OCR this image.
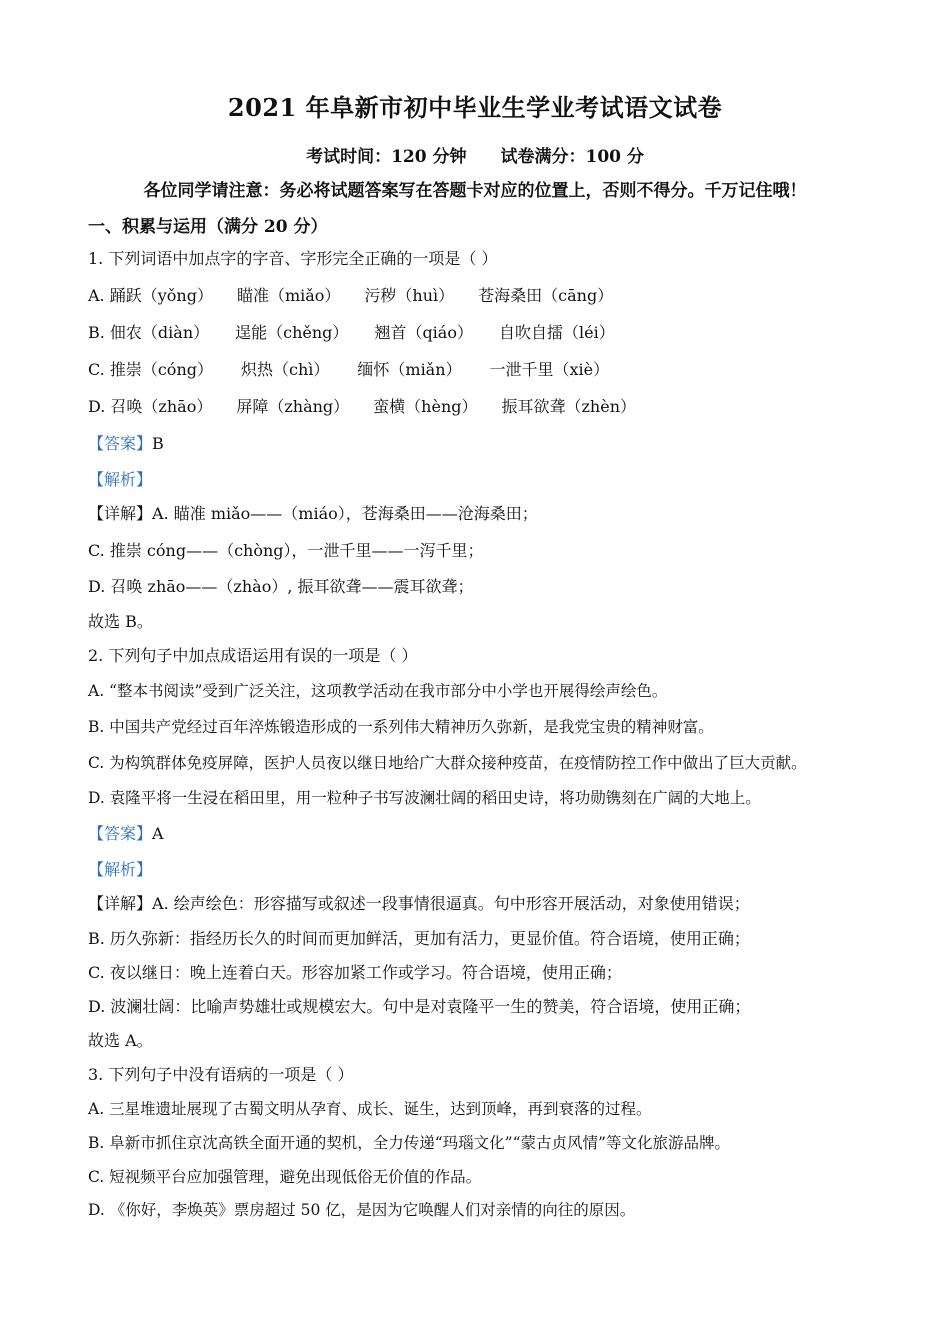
2021 年阜新市初中毕业生学业考试语文试卷
考试时间：120 分钟 试卷满分：100 分
各位同学请注意：务必将试题答案写在答题卡对应的位置上，否则不得分。千万记住哦！
一、积累与运用（满分 20 分）
1. 下列词语中加点字的字音、字形完全正确的一项是（ ）
A. 踊跃（yǒng） 瞄准（miǎo） 污秽（huì） 苍海桑田（cāng）
B. 佃农（diàn） 逞能（chěng） 翘首（qiáo） 自吹自擂（léi）
C. 推崇（cóng） 炽热（chì） 缅怀（miǎn） 一泄千里（xiè）
D. 召唤（zhāo） 屏障（zhàng） 蛮横（hèng） 振耳欲聋（zhèn）
【答案】B
【解析】
【详解】A. 瞄准 miǎo——（miáo），苍海桑田——沧海桑田；
C. 推崇 cóng——（chòng），一泄千里——一泻千里；
D. 召唤 zhāo——（zhào）, 振耳欲聋——震耳欲聋；
故选 B。
2. 下列句子中加点成语运用有误的一项是（ ）
A. “整本书阅读”受到广泛关注，这项教学活动在我市部分中小学也开展得绘声绘色。
B. 中国共产党经过百年淬炼锻造形成的一系列伟大精神历久弥新，是我党宝贵的精神财富。
C. 为构筑群体免疫屏障，医护人员夜以继日地给广大群众接种疫苗，在疫情防控工作中做出了巨大贡献。
D. 袁隆平将一生浸在稻田里，用一粒种子书写波澜壮阔的稻田史诗，将功勋镌刻在广阔的大地上。
【答案】A
【解析】
【详解】A. 绘声绘色：形容描写或叙述一段事情很逼真。句中形容开展活动，对象使用错误；
B. 历久弥新：指经历长久的时间而更加鲜活，更加有活力，更显价值。符合语境，使用正确；
C. 夜以继日：晚上连着白天。形容加紧工作或学习。符合语境，使用正确；
D. 波澜壮阔：比喻声势雄壮或规模宏大。句中是对袁隆平一生的赞美，符合语境，使用正确；
故选 A。
3. 下列句子中没有语病的一项是（ ）
A. 三星堆遗址展现了古蜀文明从孕育、成长、诞生，达到顶峰，再到衰落的过程。
B. 阜新市抓住京沈高铁全面开通的契机，全力传递“玛瑙文化”“蒙古贞风情”等文化旅游品牌。
C. 短视频平台应加强管理，避免出现低俗无价值的作品。
D. 《你好，李焕英》票房超过 50 亿，是因为它唤醒人们对亲情的向往的原因。
